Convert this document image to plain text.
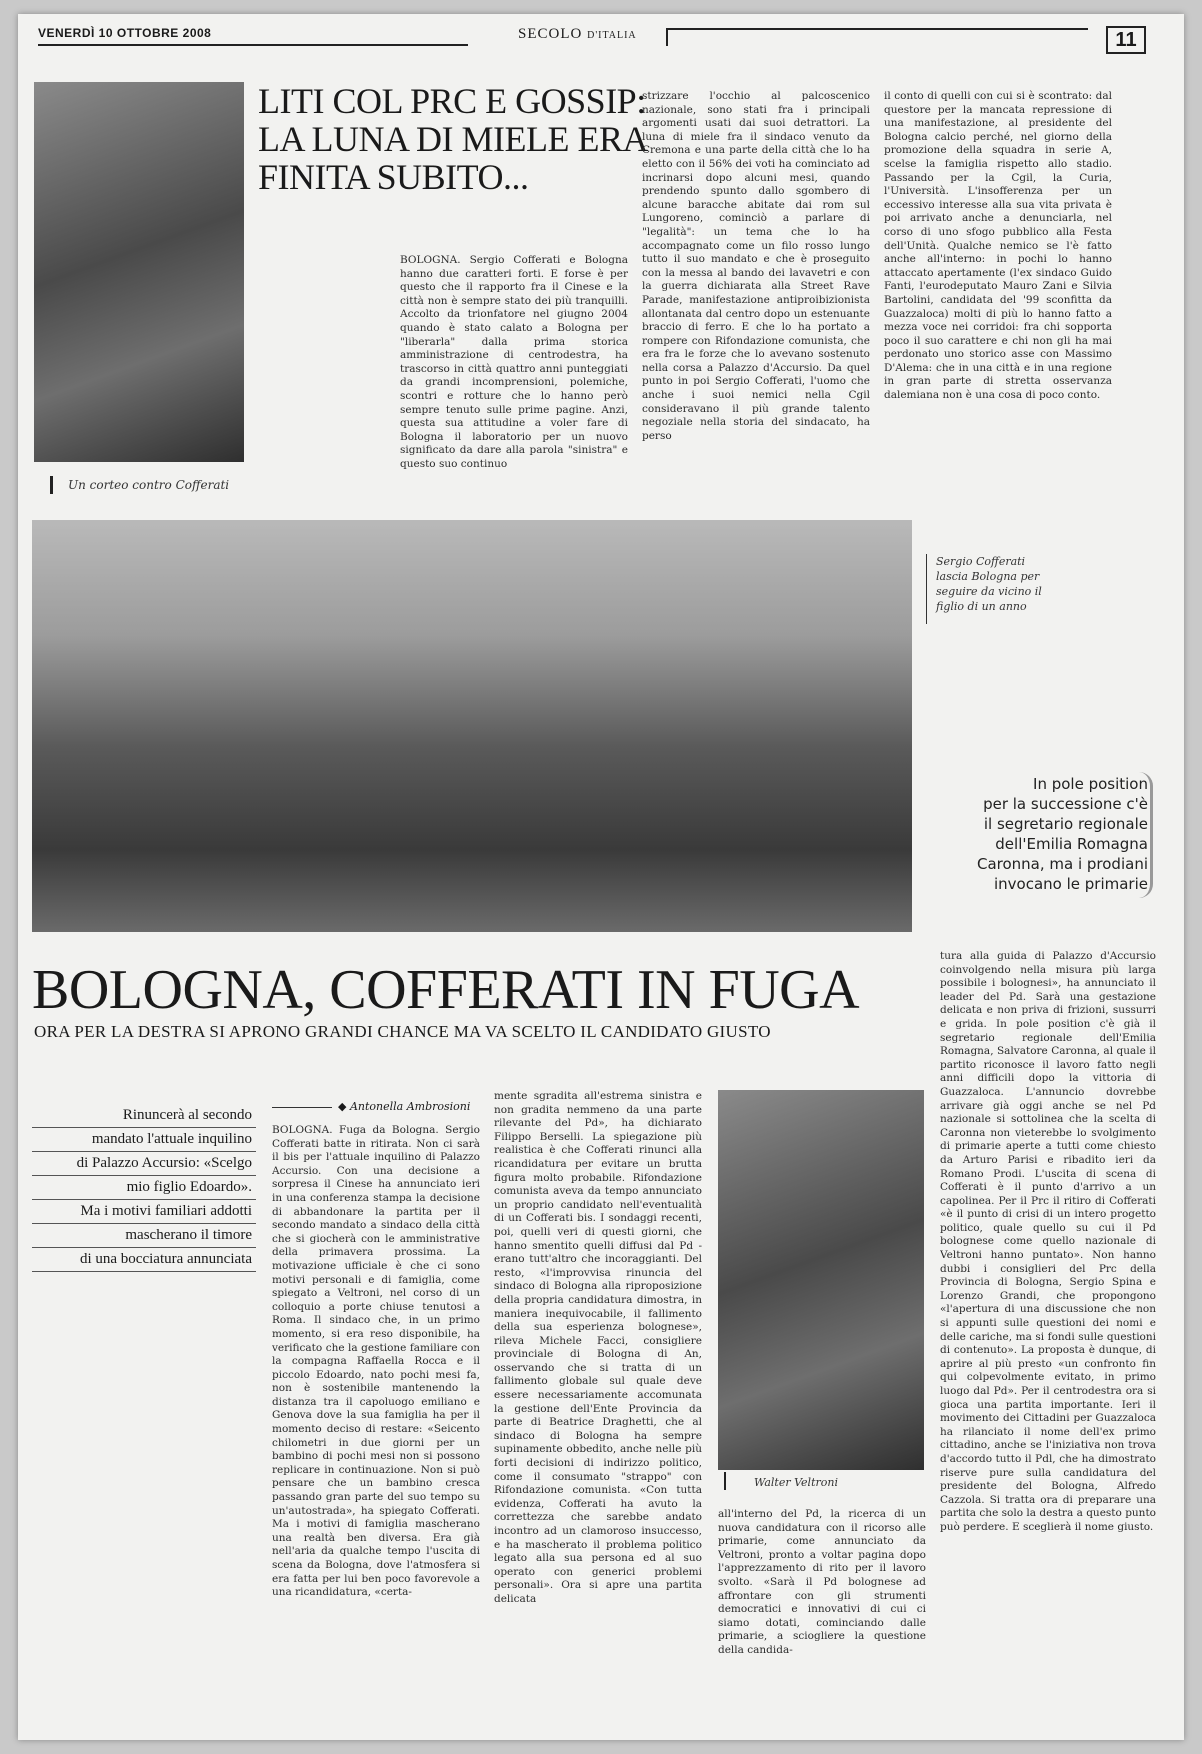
VENERDÌ 10 OTTOBRE 2008	SECOLO D'ITALIA	11
Un corteo contro Cofferati
LITI COL PRC E GOSSIP: LA LUNA DI MIELE ERA FINITA SUBITO...
BOLOGNA. Sergio Cofferati e Bologna hanno due caratteri forti. E forse è per questo che il rapporto fra il Cinese e la città non è sempre stato dei più tranquilli. Accolto da trionfatore nel giugno 2004 quando è stato calato a Bologna per "liberarla" dalla prima storica amministrazione di centrodestra, ha trascorso in città quattro anni punteggiati da grandi incomprensioni, polemiche, scontri e rotture che lo hanno però sempre tenuto sulle prime pagine. Anzi, questa sua attitudine a voler fare di Bologna il laboratorio per un nuovo significato da dare alla parola "sinistra" e questo suo continuo
strizzare l'occhio al palcoscenico nazionale, sono stati fra i principali argomenti usati dai suoi detrattori. La luna di miele fra il sindaco venuto da Cremona e una parte della città che lo ha eletto con il 56% dei voti ha cominciato ad incrinarsi dopo alcuni mesi, quando prendendo spunto dallo sgombero di alcune baracche abitate dai rom sul Lungoreno, cominciò a parlare di "legalità": un tema che lo ha accompagnato come un filo rosso lungo tutto il suo mandato e che è proseguito con la messa al bando dei lavavetri e con la guerra dichiarata alla Street Rave Parade, manifestazione antiproibizionista allontanata dal centro dopo un estenuante braccio di ferro. E che lo ha portato a rompere con Rifondazione comunista, che era fra le forze che lo avevano sostenuto nella corsa a Palazzo d'Accursio. Da quel punto in poi Sergio Cofferati, l'uomo che anche i suoi nemici nella Cgil consideravano il più grande talento negoziale nella storia del sindacato, ha perso
il conto di quelli con cui si è scontrato: dal questore per la mancata repressione di una manifestazione, al presidente del Bologna calcio perché, nel giorno della promozione della squadra in serie A, scelse la famiglia rispetto allo stadio. Passando per la Cgil, la Curia, l'Università. L'insofferenza per un eccessivo interesse alla sua vita privata è poi arrivato anche a denunciarla, nel corso di uno sfogo pubblico alla Festa dell'Unità. Qualche nemico se l'è fatto anche all'interno: in pochi lo hanno attaccato apertamente (l'ex sindaco Guido Fanti, l'eurodeputato Mauro Zani e Silvia Bartolini, candidata del '99 sconfitta da Guazzaloca) molti di più lo hanno fatto a mezza voce nei corridoi: fra chi sopporta poco il suo carattere e chi non gli ha mai perdonato uno storico asse con Massimo D'Alema: che in una città e in una regione in gran parte di stretta osservanza dalemiana non è una cosa di poco conto.
Sergio Cofferati lascia Bologna per seguire da vicino il figlio di un anno
In pole position
per la successione c'è
il segretario regionale
dell'Emilia Romagna
Caronna, ma i prodiani
invocano le primarie
BOLOGNA, COFFERATI IN FUGA
ORA PER LA DESTRA SI APRONO GRANDI CHANCE MA VA SCELTO IL CANDIDATO GIUSTO
Rinuncerà al secondo
mandato l'attuale inquilino
di Palazzo Accursio: «Scelgo
mio figlio Edoardo».
Ma i motivi familiari addotti
mascherano il timore
di una bocciatura annunciata
◆ Antonella Ambrosioni
BOLOGNA. Fuga da Bologna. Sergio Cofferati batte in ritirata. Non ci sarà il bis per l'attuale inquilino di Palazzo Accursio. Con una decisione a sorpresa il Cinese ha annunciato ieri in una conferenza stampa la decisione di abbandonare la partita per il secondo mandato a sindaco della città che si giocherà con le amministrative della primavera prossima. La motivazione ufficiale è che ci sono motivi personali e di famiglia, come spiegato a Veltroni, nel corso di un colloquio a porte chiuse tenutosi a Roma. Il sindaco che, in un primo momento, si era reso disponibile, ha verificato che la gestione familiare con la compagna Raffaella Rocca e il piccolo Edoardo, nato pochi mesi fa, non è sostenibile mantenendo la distanza tra il capoluogo emiliano e Genova dove la sua famiglia ha per il momento deciso di restare: «Seicento chilometri in due giorni per un bambino di pochi mesi non si possono replicare in continuazione. Non si può pensare che un bambino cresca passando gran parte del suo tempo su un'autostrada», ha spiegato Cofferati. Ma i motivi di famiglia mascherano una realtà ben diversa. Era già nell'aria da qualche tempo l'uscita di scena da Bologna, dove l'atmosfera si era fatta per lui ben poco favorevole a una ricandidatura, «certa-
mente sgradita all'estrema sinistra e non gradita nemmeno da una parte rilevante del Pd», ha dichiarato Filippo Berselli. La spiegazione più realistica è che Cofferati rinunci alla ricandidatura per evitare un brutta figura molto probabile. Rifondazione comunista aveva da tempo annunciato un proprio candidato nell'eventualità di un Cofferati bis. I sondaggi recenti, poi, quelli veri di questi giorni, che hanno smentito quelli diffusi dal Pd - erano tutt'altro che incoraggianti. Del resto, «l'improvvisa rinuncia del sindaco di Bologna alla riproposizione della propria candidatura dimostra, in maniera inequivocabile, il fallimento della sua esperienza bolognese», rileva Michele Facci, consigliere provinciale di Bologna di An, osservando che si tratta di un fallimento globale sul quale deve essere necessariamente accomunata la gestione dell'Ente Provincia da parte di Beatrice Draghetti, che al sindaco di Bologna ha sempre supinamente obbedito, anche nelle più forti decisioni di indirizzo politico, come il consumato "strappo" con Rifondazione comunista. «Con tutta evidenza, Cofferati ha avuto la correttezza che sarebbe andato incontro ad un clamoroso insuccesso, e ha mascherato il problema politico legato alla sua persona ed al suo operato con generici problemi personali». Ora si apre una partita delicata
Walter Veltroni
all'interno del Pd, la ricerca di un nuova candidatura con il ricorso alle primarie, come annunciato da Veltroni, pronto a voltar pagina dopo l'apprezzamento di rito per il lavoro svolto. «Sarà il Pd bolognese ad affrontare con gli strumenti democratici e innovativi di cui ci siamo dotati, cominciando dalle primarie, a sciogliere la questione della candida-
tura alla guida di Palazzo d'Accursio coinvolgendo nella misura più larga possibile i bolognesi», ha annunciato il leader del Pd. Sarà una gestazione delicata e non priva di frizioni, sussurri e grida. In pole position c'è già il segretario regionale dell'Emilia Romagna, Salvatore Caronna, al quale il partito riconosce il lavoro fatto negli anni difficili dopo la vittoria di Guazzaloca. L'annuncio dovrebbe arrivare già oggi anche se nel Pd nazionale si sottolinea che la scelta di Caronna non vieterebbe lo svolgimento di primarie aperte a tutti come chiesto da Arturo Parisi e ribadito ieri da Romano Prodi. L'uscita di scena di Cofferati è il punto d'arrivo a un capolinea. Per il Prc il ritiro di Cofferati «è il punto di crisi di un intero progetto politico, quale quello su cui il Pd bolognese come quello nazionale di Veltroni hanno puntato». Non hanno dubbi i consiglieri del Prc della Provincia di Bologna, Sergio Spina e Lorenzo Grandi, che propongono «l'apertura di una discussione che non si appunti sulle questioni dei nomi e delle cariche, ma si fondi sulle questioni di contenuto». La proposta è dunque, di aprire al più presto «un confronto fin qui colpevolmente evitato, in primo luogo dal Pd». Per il centrodestra ora si gioca una partita importante. Ieri il movimento dei Cittadini per Guazzaloca ha rilanciato il nome dell'ex primo cittadino, anche se l'iniziativa non trova d'accordo tutto il Pdl, che ha dimostrato riserve pure sulla candidatura del presidente del Bologna, Alfredo Cazzola. Si tratta ora di preparare una partita che solo la destra a questo punto può perdere. E sceglierà il nome giusto.
